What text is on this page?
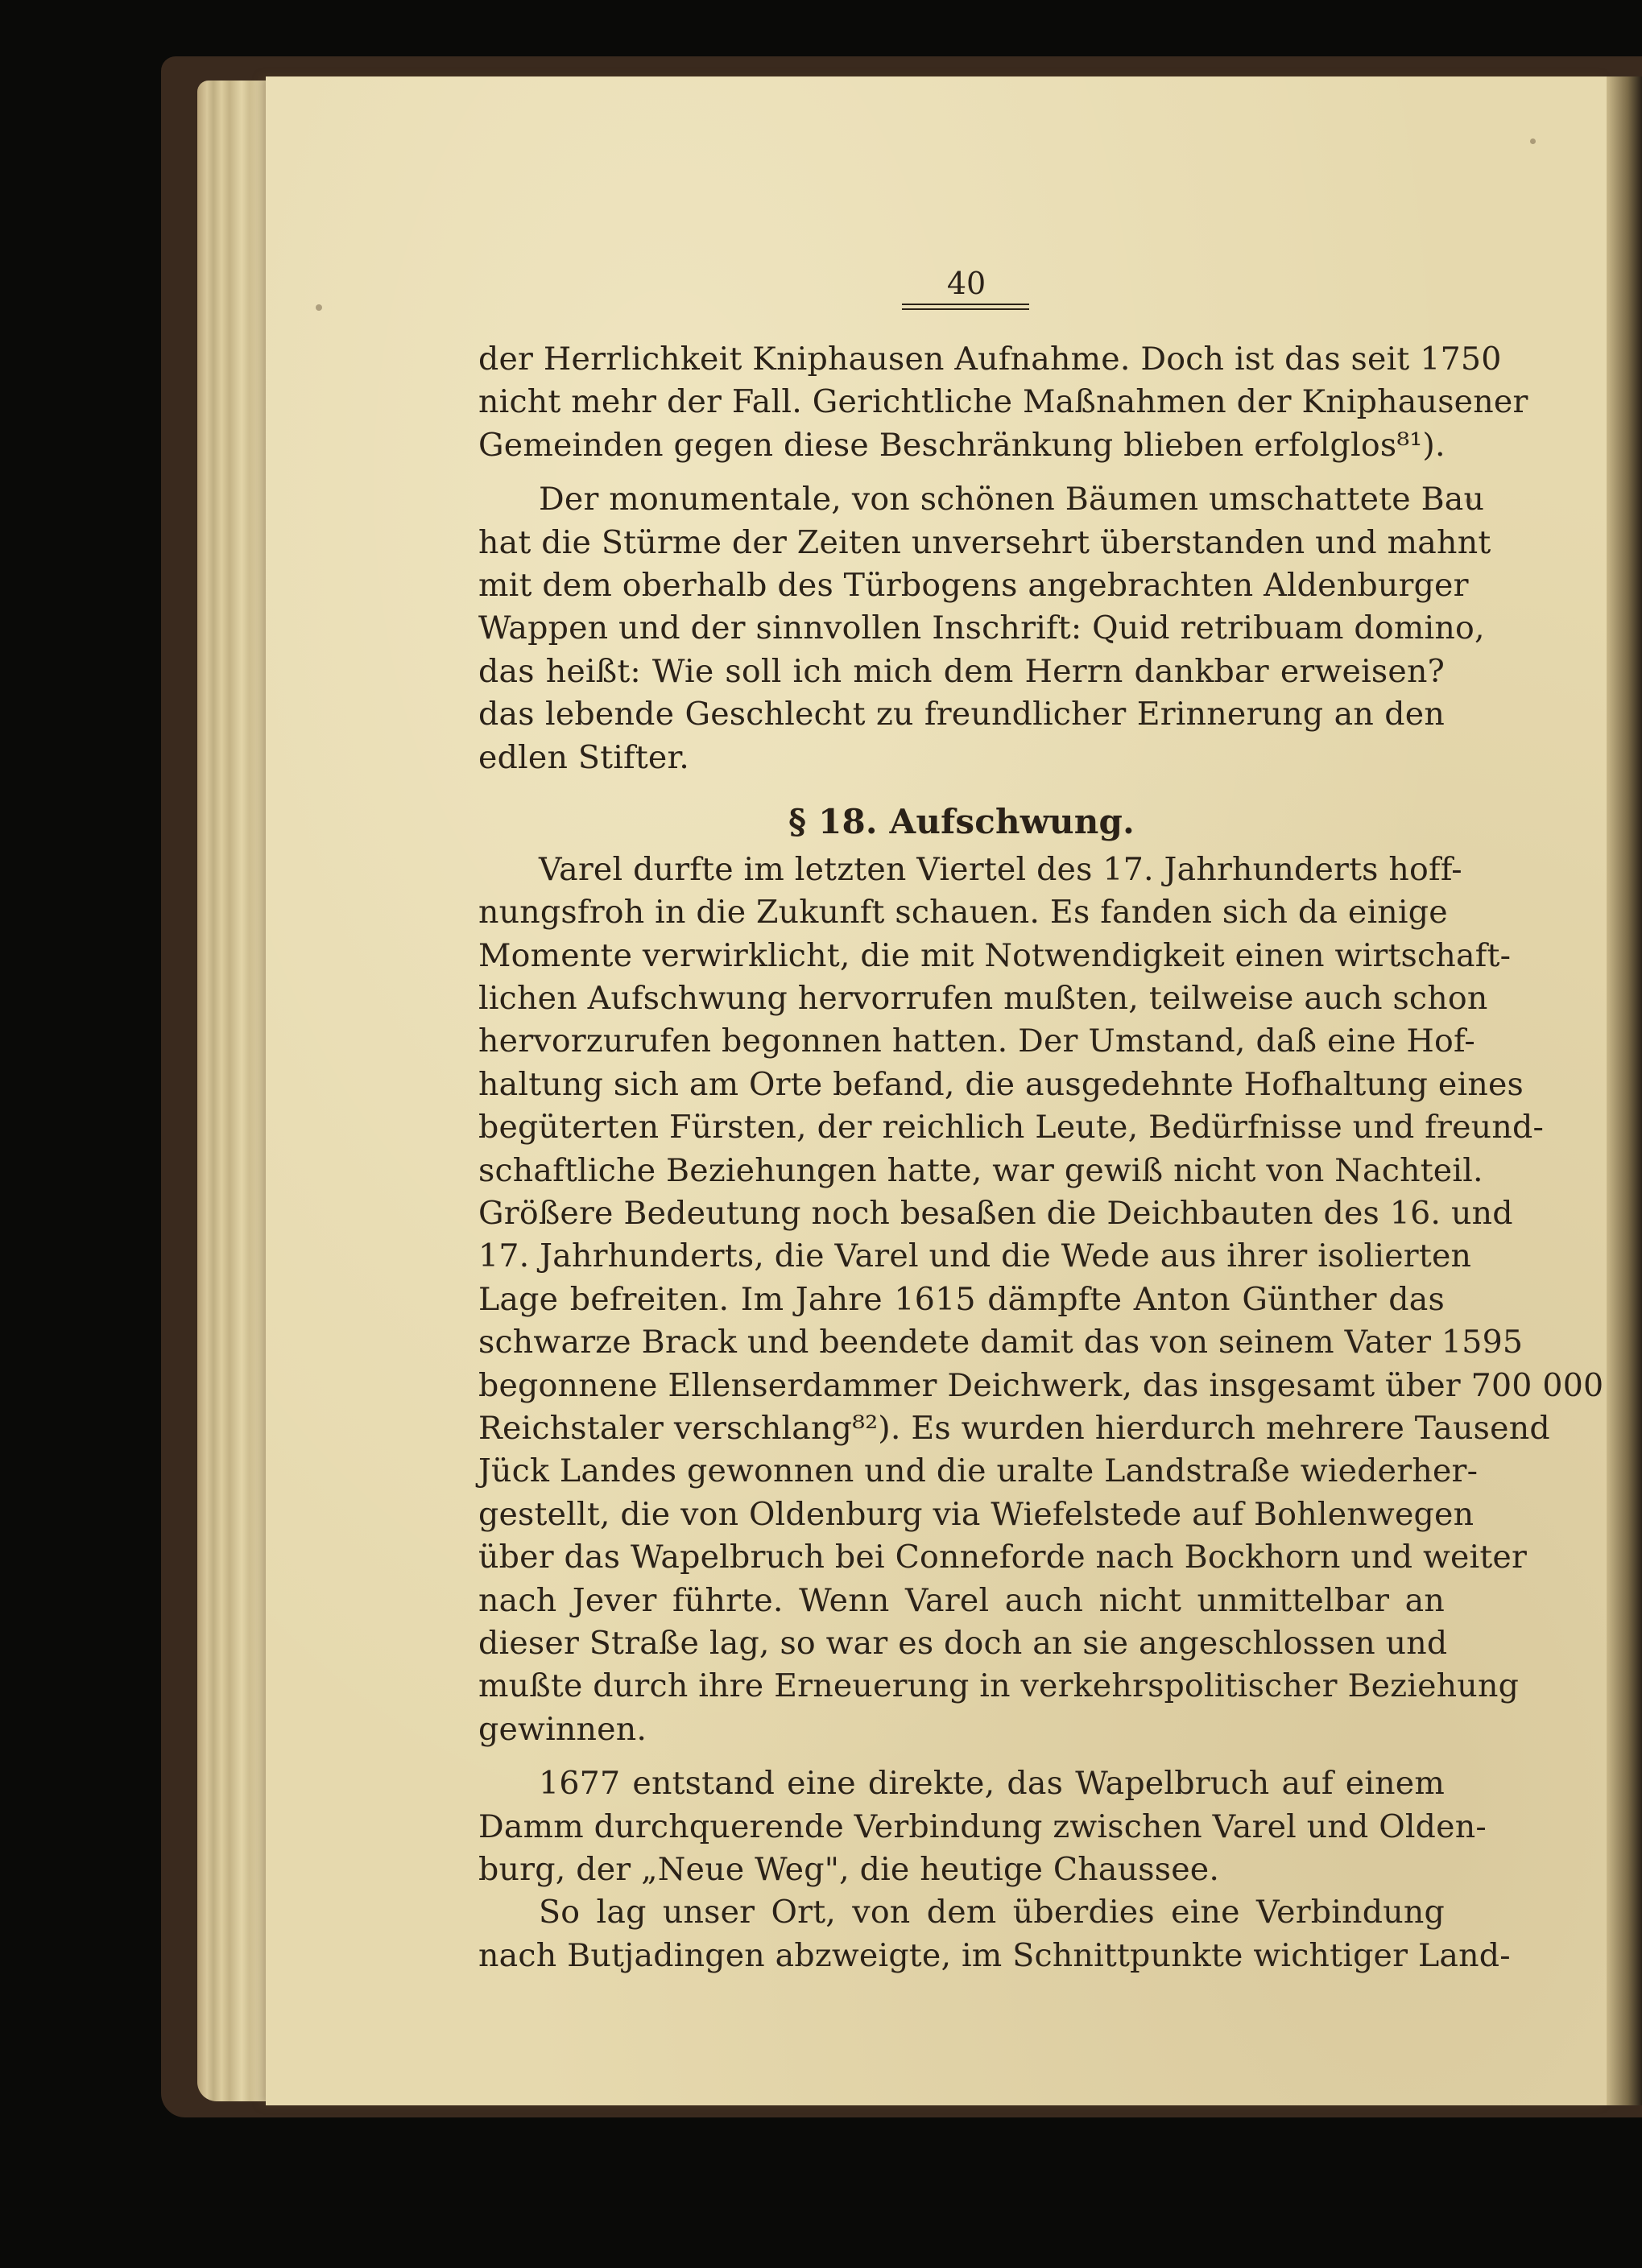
40
der Herrlichkeit Kniphausen Aufnahme. Doch ist das seit 1750
nicht mehr der Fall. Gerichtliche Maßnahmen der Kniphausener
Gemeinden gegen diese Beschränkung blieben erfolglos⁸¹).
Der monumentale, von schönen Bäumen umschattete Bau
hat die Stürme der Zeiten unversehrt überstanden und mahnt
mit dem oberhalb des Türbogens angebrachten Aldenburger
Wappen und der sinnvollen Inschrift: Quid retribuam domino,
das heißt: Wie soll ich mich dem Herrn dankbar erweisen?
das lebende Geschlecht zu freundlicher Erinnerung an den
edlen Stifter.
§ 18. Aufschwung.
Varel durfte im letzten Viertel des 17. Jahrhunderts hoff-
nungsfroh in die Zukunft schauen. Es fanden sich da einige
Momente verwirklicht, die mit Notwendigkeit einen wirtschaft-
lichen Aufschwung hervorrufen mußten, teilweise auch schon
hervorzurufen begonnen hatten. Der Umstand, daß eine Hof-
haltung sich am Orte befand, die ausgedehnte Hofhaltung eines
begüterten Fürsten, der reichlich Leute, Bedürfnisse und freund-
schaftliche Beziehungen hatte, war gewiß nicht von Nachteil.
Größere Bedeutung noch besaßen die Deichbauten des 16. und
17. Jahrhunderts, die Varel und die Wede aus ihrer isolierten
Lage befreiten. Im Jahre 1615 dämpfte Anton Günther das
schwarze Brack und beendete damit das von seinem Vater 1595
begonnene Ellenserdammer Deichwerk, das insgesamt über 700 000
Reichstaler verschlang⁸²). Es wurden hierdurch mehrere Tausend
Jück Landes gewonnen und die uralte Landstraße wiederher-
gestellt, die von Oldenburg via Wiefelstede auf Bohlenwegen
über das Wapelbruch bei Conneforde nach Bockhorn und weiter
nach Jever führte. Wenn Varel auch nicht unmittelbar an
dieser Straße lag, so war es doch an sie angeschlossen und
mußte durch ihre Erneuerung in verkehrspolitischer Beziehung
gewinnen.
1677 entstand eine direkte, das Wapelbruch auf einem
Damm durchquerende Verbindung zwischen Varel und Olden-
burg, der „Neue Weg", die heutige Chaussee.
So lag unser Ort, von dem überdies eine Verbindung
nach Butjadingen abzweigte, im Schnittpunkte wichtiger Land-
